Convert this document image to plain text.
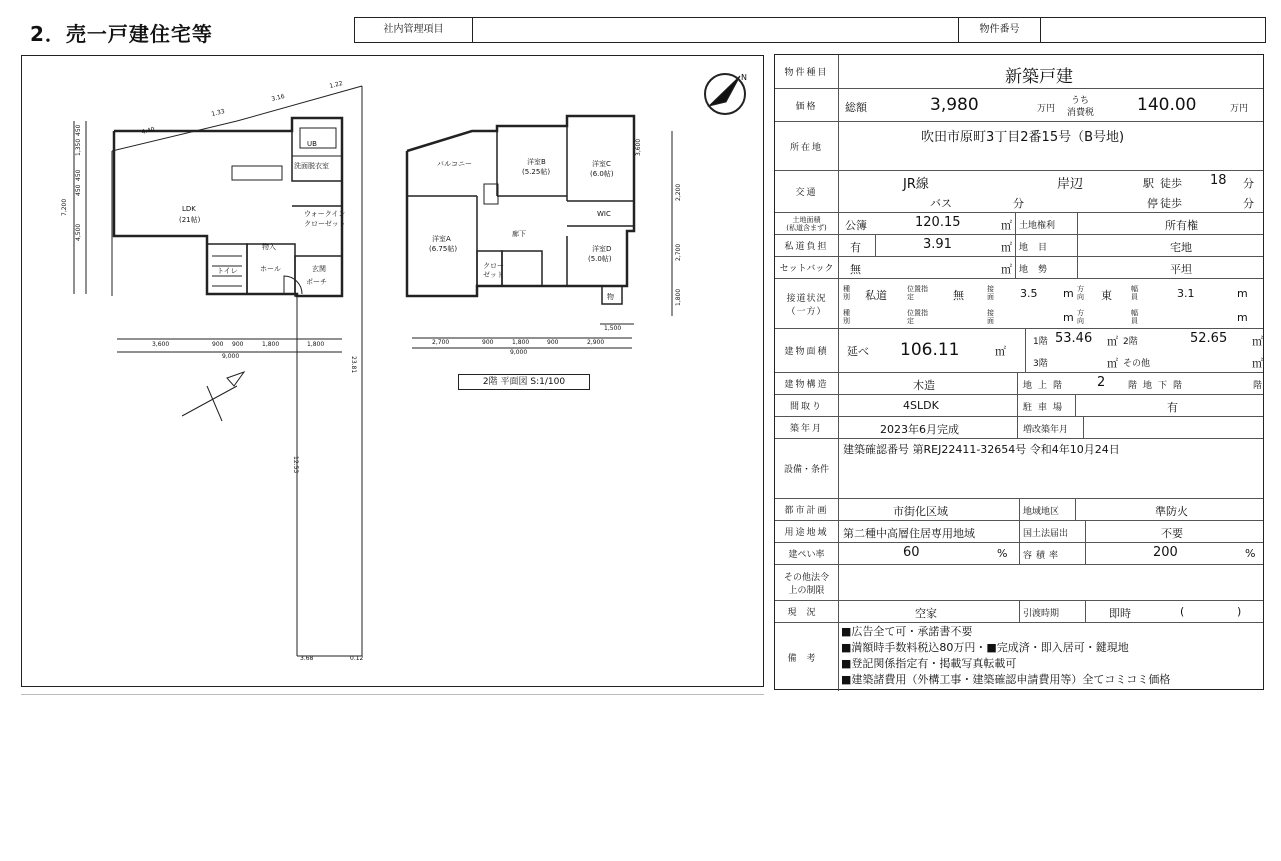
2．売一戸建住宅等	社内管理項目	物件番号
N
LDK
(21帖)
UB
洗面脱衣室
ウォークイン
クローゼット
トイレ	ホール	玄関
ポーチ
物入
4.40
1.33
3.16
1.22
450
1,350
450
450
4,500
7,200
3,600	900 900	1,800	1,800
9,000	23.81
12.53
3.68	0.12
バルコニー	洋室B
(5.25帖)
洋室C
(6.0帖)
洋室A
(6.75帖)	洋室D
(5.0帖)
WIC
廊下
クロー
ゼット
物
2,700	900	1,800	900	2,900
9,000
1,500
3,600
2,200
2,700
1,800
2階 平面図 S:1/100
物件種目	新築戸建
価格	総額	3,980	万円
うち
消費税	140.00	万円
所在地
吹田市原町3丁目2番15号（B号地)
交通
JR線	岸辺	駅 徒歩 18 分
バス	分	停 徒歩	分
土地面積
(私道含まず) 公簿	120.15	㎡ 土地権利	所有権
私道負担	有	3.91	㎡ 地目	宅地
セットバック	無	㎡ 地勢	平坦
接道状況
（一方）
種別 私道	位置指定	無	接面 3.5 m 方向 東	幅員	3.1	m
種別
位置指定
接面	m 方向
幅員	m
建物面積	延べ 106.11	㎡
1階 53.46 ㎡ 2階	52.65 ㎡
3階	㎡ その他	㎡
建物構造	木造	地上階 2	階 地下階	階
間取り	4SLDK	駐車場	有
築年月	2023年6月完成	増改築年月
設備・条件
建築確認番号 第REJ22411-32654号 令和4年10月24日
都市計画	市街化区域	地域地区	準防火
用途地域	第二種中高層住居専用地域	国土法届出	不要
建ぺい率	60	% 容積率	200	%
その他法令
上の制限
現況	空家	引渡時期	即時	(	)
備考
■広告全て可・承諾書不要
■満額時手数料税込80万円・■完成済・即入居可・鍵現地
■登記関係指定有・掲載写真転載可
■建築諸費用（外構工事・建築確認申請費用等）全てコミコミ価格
